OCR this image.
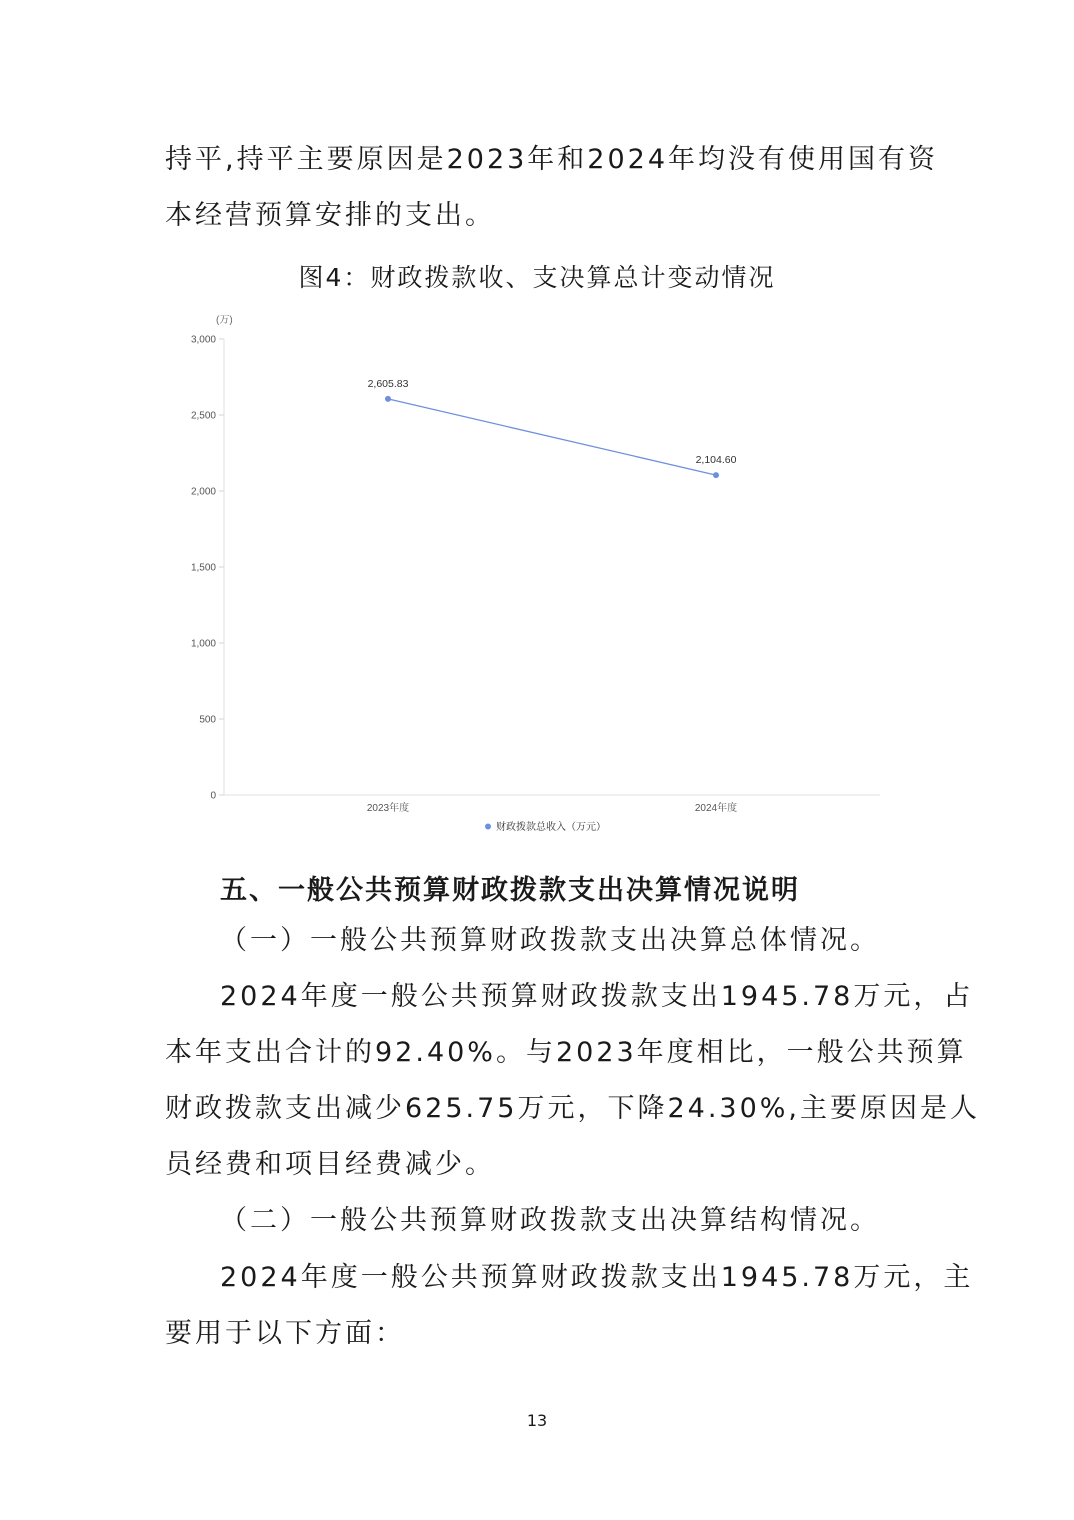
持平,持平主要原因是2023年和2024年均没有使用国有资
本经营预算安排的支出。
图4：财政拨款收、支决算总计变动情况
(万)
0
500
1,000
1,500
2,000
2,500
3,000
2023年度	2024年度
2,605.83
2,104.60
财政拨款总收入（万元）
五、一般公共预算财政拨款支出决算情况说明
（一）一般公共预算财政拨款支出决算总体情况。
2024年度一般公共预算财政拨款支出1945.78万元，占
本年支出合计的92.40%。与2023年度相比，一般公共预算
财政拨款支出减少625.75万元，下降24.30%,主要原因是人
员经费和项目经费减少。
（二）一般公共预算财政拨款支出决算结构情况。
2024年度一般公共预算财政拨款支出1945.78万元，主
要用于以下方面：
13
